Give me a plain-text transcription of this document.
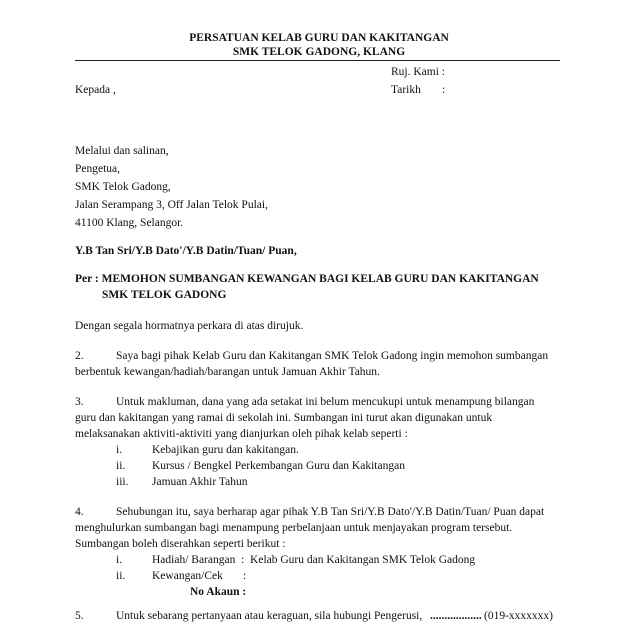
PERSATUAN KELAB GURU DAN KAKITANGAN
SMK TELOK GADONG, KLANG
Ruj. Kami :
Kepada ,	Tarikh :
Melalui dan salinan,
Pengetua,
SMK Telok Gadong,
Jalan Serampang 3, Off Jalan Telok Pulai,
41100 Klang, Selangor.
Y.B Tan Sri/Y.B Dato'/Y.B Datin/Tuan/ Puan,
Per : MEMOHON SUMBANGAN KEWANGAN BAGI KELAB GURU DAN KAKITANGAN
SMK TELOK GADONG
Dengan segala hormatnya perkara di atas dirujuk.
2.	Saya bagi pihak Kelab Guru dan Kakitangan SMK Telok Gadong ingin memohon sumbangan
berbentuk kewangan/hadiah/barangan untuk Jamuan Akhir Tahun.
3.	Untuk makluman, dana yang ada setakat ini belum mencukupi untuk menampung bilangan
guru dan kakitangan yang ramai di sekolah ini. Sumbangan ini turut akan digunakan untuk
melaksanakan aktiviti-aktiviti yang dianjurkan oleh pihak kelab seperti :
i.	Kebajikan guru dan kakitangan.
ii. Kursus / Bengkel Perkembangan Guru dan Kakitangan
iii. Jamuan Akhir Tahun
4.	Sehubungan itu, saya berharap agar pihak Y.B Tan Sri/Y.B Dato'/Y.B Datin/Tuan/ Puan dapat
menghulurkan sumbangan bagi menampung perbelanjaan untuk menjayakan program tersebut.
Sumbangan boleh diserahkan seperti berikut :
i.	Hadiah/ Barangan  :  Kelab Guru dan Kakitangan SMK Telok Gadong
ii. Kewangan/Cek       :
No Akaun :
5.	Untuk sebarang pertanyaan atau keraguan, sila hubungi Pengerusi, .................. (019-xxxxxxx)
